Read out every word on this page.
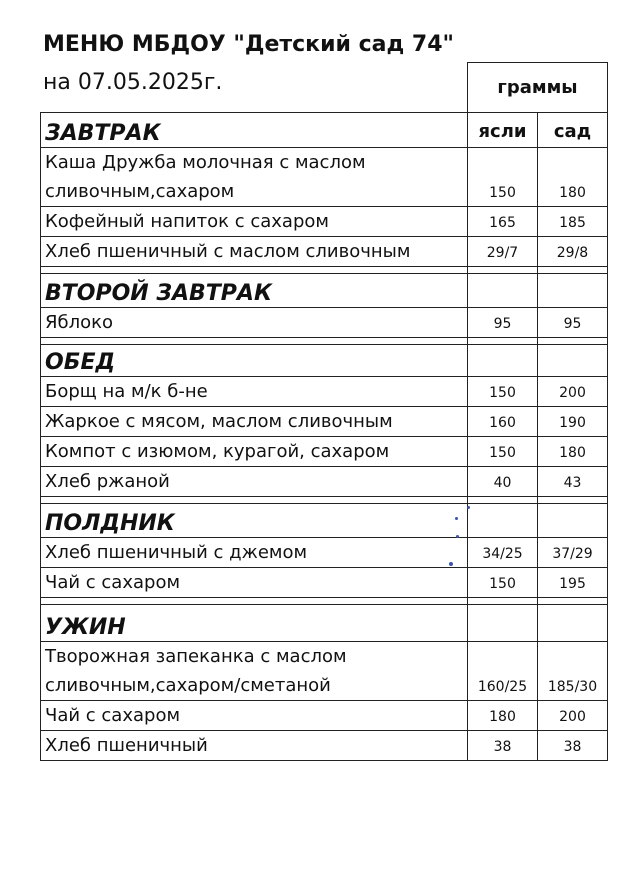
МЕНЮ МБДОУ "Детский сад 74"
на 07.05.2025г.
		граммы	
ЗАВТРАК	ясли	сад
Каша Дружба молочная с маслом сливочным,сахаром	150	180
Кофейный напиток с сахаром	165	185
Хлеб пшеничный с маслом сливочным	29/7	29/8

ВТОРОЙ ЗАВТРАК		
Яблоко	95	95

ОБЕД		
Борщ на м/к б-не	150	200
Жаркое с мясом, маслом сливочным	160	190
Компот с изюмом, курагой, сахаром	150	180
Хлеб ржаной	40	43

ПОЛДНИК		
Хлеб пшеничный с джемом	34/25	37/29
Чай с сахаром	150	195

УЖИН		
Творожная запеканка с маслом сливочным,сахаром/сметаной	160/25	185/30
Чай с сахаром	180	200
Хлеб пшеничный	38	38
